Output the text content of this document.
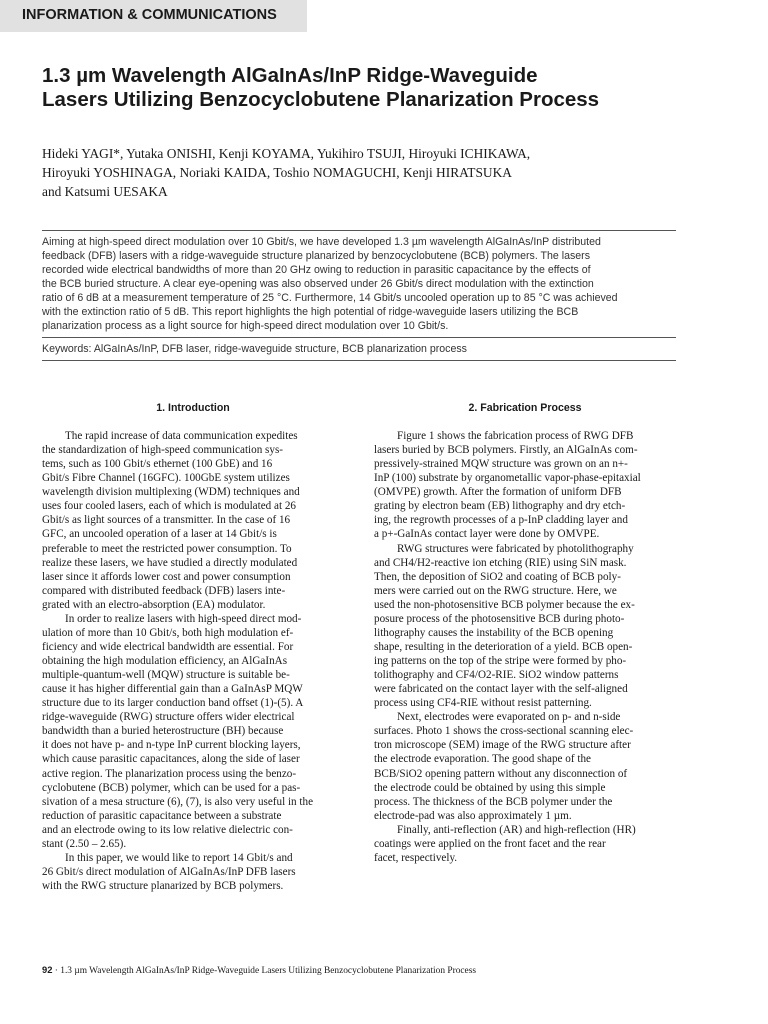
INFORMATION & COMMUNICATIONS
1.3 µm Wavelength AlGaInAs/InP Ridge-Waveguide
Lasers Utilizing Benzocyclobutene Planarization Process
Hideki YAGI*, Yutaka ONISHI, Kenji KOYAMA, Yukihiro TSUJI, Hiroyuki ICHIKAWA,
Hiroyuki YOSHINAGA, Noriaki KAIDA, Toshio NOMAGUCHI, Kenji HIRATSUKA
and Katsumi UESAKA
Aiming at high-speed direct modulation over 10 Gbit/s, we have developed 1.3 µm wavelength AlGaInAs/InP distributed
feedback (DFB) lasers with a ridge-waveguide structure planarized by benzocyclobutene (BCB) polymers. The lasers
recorded wide electrical bandwidths of more than 20 GHz owing to reduction in parasitic capacitance by the effects of
the BCB buried structure. A clear eye-opening was also observed under 26 Gbit/s direct modulation with the extinction
ratio of 6 dB at a measurement temperature of 25 °C. Furthermore, 14 Gbit/s uncooled operation up to 85 °C was achieved
with the extinction ratio of 5 dB. This report highlights the high potential of ridge-waveguide lasers utilizing the BCB
planarization process as a light source for high-speed direct modulation over 10 Gbit/s.
Keywords: AlGaInAs/InP, DFB laser, ridge-waveguide structure, BCB planarization process
1. Introduction	2. Fabrication Process
The rapid increase of data communication expedites
the standardization of high-speed communication sys-
tems, such as 100 Gbit/s ethernet (100 GbE) and 16
Gbit/s Fibre Channel (16GFC). 100GbE system utilizes
wavelength division multiplexing (WDM) techniques and
uses four cooled lasers, each of which is modulated at 26
Gbit/s as light sources of a transmitter. In the case of 16
GFC, an uncooled operation of a laser at 14 Gbit/s is
preferable to meet the restricted power consumption. To
realize these lasers, we have studied a directly modulated
laser since it affords lower cost and power consumption
compared with distributed feedback (DFB) lasers inte-
grated with an electro-absorption (EA) modulator.
In order to realize lasers with high-speed direct mod-
ulation of more than 10 Gbit/s, both high modulation ef-
ficiency and wide electrical bandwidth are essential. For
obtaining the high modulation efficiency, an AlGaInAs
multiple-quantum-well (MQW) structure is suitable be-
cause it has higher differential gain than a GaInAsP MQW
structure due to its larger conduction band offset (1)-(5). A
ridge-waveguide (RWG) structure offers wider electrical
bandwidth than a buried heterostructure (BH) because
it does not have p- and n-type InP current blocking layers,
which cause parasitic capacitances, along the side of laser
active region. The planarization process using the benzo-
cyclobutene (BCB) polymer, which can be used for a pas-
sivation of a mesa structure (6), (7), is also very useful in the
reduction of parasitic capacitance between a substrate
and an electrode owing to its low relative dielectric con-
stant (2.50 – 2.65).
In this paper, we would like to report 14 Gbit/s and
26 Gbit/s direct modulation of AlGaInAs/InP DFB lasers
with the RWG structure planarized by BCB polymers.
Figure 1 shows the fabrication process of RWG DFB
lasers buried by BCB polymers. Firstly, an AlGaInAs com-
pressively-strained MQW structure was grown on an n+-
InP (100) substrate by organometallic vapor-phase-epitaxial
(OMVPE) growth. After the formation of uniform DFB
grating by electron beam (EB) lithography and dry etch-
ing, the regrowth processes of a p-InP cladding layer and
a p+-GaInAs contact layer were done by OMVPE.
RWG structures were fabricated by photolithography
and CH4/H2-reactive ion etching (RIE) using SiN mask.
Then, the deposition of SiO2 and coating of BCB poly-
mers were carried out on the RWG structure. Here, we
used the non-photosensitive BCB polymer because the ex-
posure process of the photosensitive BCB during photo-
lithography causes the instability of the BCB opening
shape, resulting in the deterioration of a yield. BCB open-
ing patterns on the top of the stripe were formed by pho-
tolithography and CF4/O2-RIE. SiO2 window patterns
were fabricated on the contact layer with the self-aligned
process using CF4-RIE without resist patterning.
Next, electrodes were evaporated on p- and n-side
surfaces. Photo 1 shows the cross-sectional scanning elec-
tron microscope (SEM) image of the RWG structure after
the electrode evaporation. The good shape of the
BCB/SiO2 opening pattern without any disconnection of
the electrode could be obtained by using this simple
process. The thickness of the BCB polymer under the
electrode-pad was also approximately 1 µm.
Finally, anti-reflection (AR) and high-reflection (HR)
coatings were applied on the front facet and the rear
facet, respectively.
92 · 1.3 µm Wavelength AlGaInAs/InP Ridge-Waveguide Lasers Utilizing Benzocyclobutene Planarization Process
